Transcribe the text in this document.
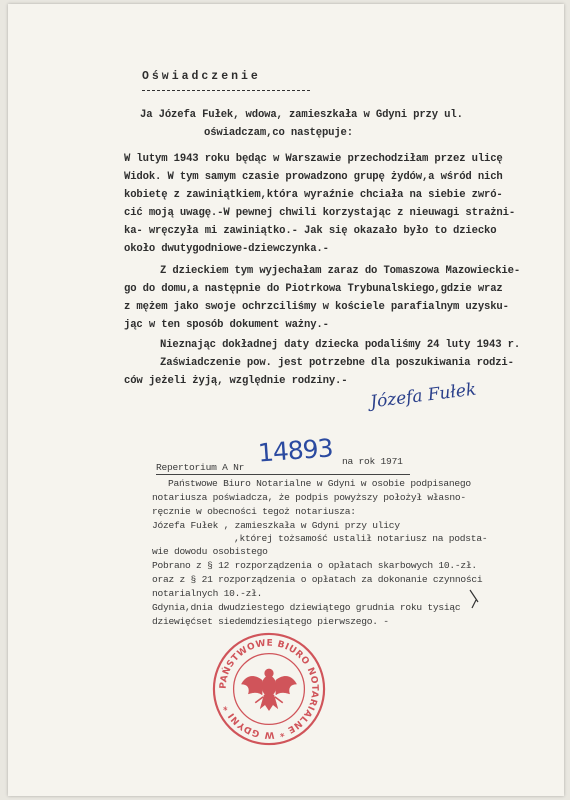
Oświadczenie
Ja Józefa Fułek, wdowa, zamieszkała w Gdyni przy ul.
oświadczam,co następuje:
W lutym 1943 roku będąc w Warszawie przechodziłam przez ulicę
Widok. W tym samym czasie prowadzono grupę żydów,a wśród nich
kobietę z zawiniątkiem,która wyraźnie chciała na siebie zwró-
cić moją uwagę.-W pewnej chwili korzystając z nieuwagi strażni-
ka- wręczyła mi zawiniątko.- Jak się okazało było to dziecko
około dwutygodniowe-dziewczynka.-
Z dzieckiem tym wyjechałam zaraz do Tomaszowa Mazowieckie-
go do domu,a następnie do Piotrkowa Trybunalskiego,gdzie wraz
z mężem jako swoje ochrzciliśmy w kościele parafialnym uzysku-
jąc w ten sposób dokument ważny.-
Nieznając dokładnej daty dziecka podaliśmy 24 luty 1943 r.
Zaświadczenie pow. jest potrzebne dla poszukiwania rodzi-
ców jeżeli żyją, względnie rodziny.- Józefa Fułek
Repertorium A Nr 14893 na rok 1971
Państwowe Biuro Notarialne w Gdyni w osobie podpisanego
notariusza poświadcza, że podpis powyższy położył własno-
ręcznie w obecności tegoż notariusza:
Józefa Fułek , zamieszkała w Gdyni przy ulicy
,której tożsamość ustalił notariusz na podsta-
wie dowodu osobistego
Pobrano z § 12 rozporządzenia o opłatach skarbowych 10.-zł.
oraz z § 21 rozporządzenia o opłatach za dokonanie czynności
notarialnych 10.-zł.
Gdynia,dnia dwudziestego dziewiątego grudnia roku tysiąc
dziewięćset siedemdziesiątego pierwszego. -
PAŃSTWOWE BIURO NOTARIALNE * W GDYNI *
